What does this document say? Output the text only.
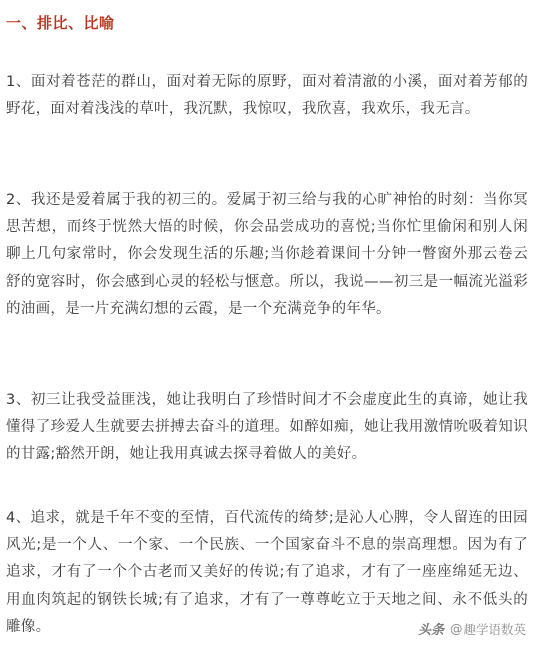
一、排比、比喻

1、面对着苍茫的群山，面对着无际的原野，面对着清澈的小溪，面对着芳郁的野花，面对着浅浅的草叶，我沉默，我惊叹，我欣喜，我欢乐，我无言。

2、我还是爱着属于我的初三的。爱属于初三给与我的心旷神怡的时刻：当你冥思苦想，而终于恍然大悟的时候，你会品尝成功的喜悦;当你忙里偷闲和别人闲聊上几句家常时，你会发现生活的乐趣;当你趁着课间十分钟一瞥窗外那云卷云舒的宽容时，你会感到心灵的轻松与惬意。所以，我说——初三是一幅流光溢彩的油画，是一片充满幻想的云霞，是一个充满竞争的年华。

3、初三让我受益匪浅，她让我明白了珍惜时间才不会虚度此生的真谛，她让我懂得了珍爱人生就要去拼搏去奋斗的道理。如醉如痴，她让我用激情吮吸着知识的甘露;豁然开朗，她让我用真诚去探寻着做人的美好。

4、追求，就是千年不变的至情，百代流传的绮梦;是沁人心脾，令人留连的田园风光;是一个人、一个家、一个民族、一个国家奋斗不息的崇高理想。因为有了追求，才有了一个个古老而又美好的传说;有了追求，才有了一座座绵延无边、用血肉筑起的钢铁长城;有了追求，才有了一尊尊屹立于天地之间、永不低头的雕像。	头条 @ 趣学语数英
